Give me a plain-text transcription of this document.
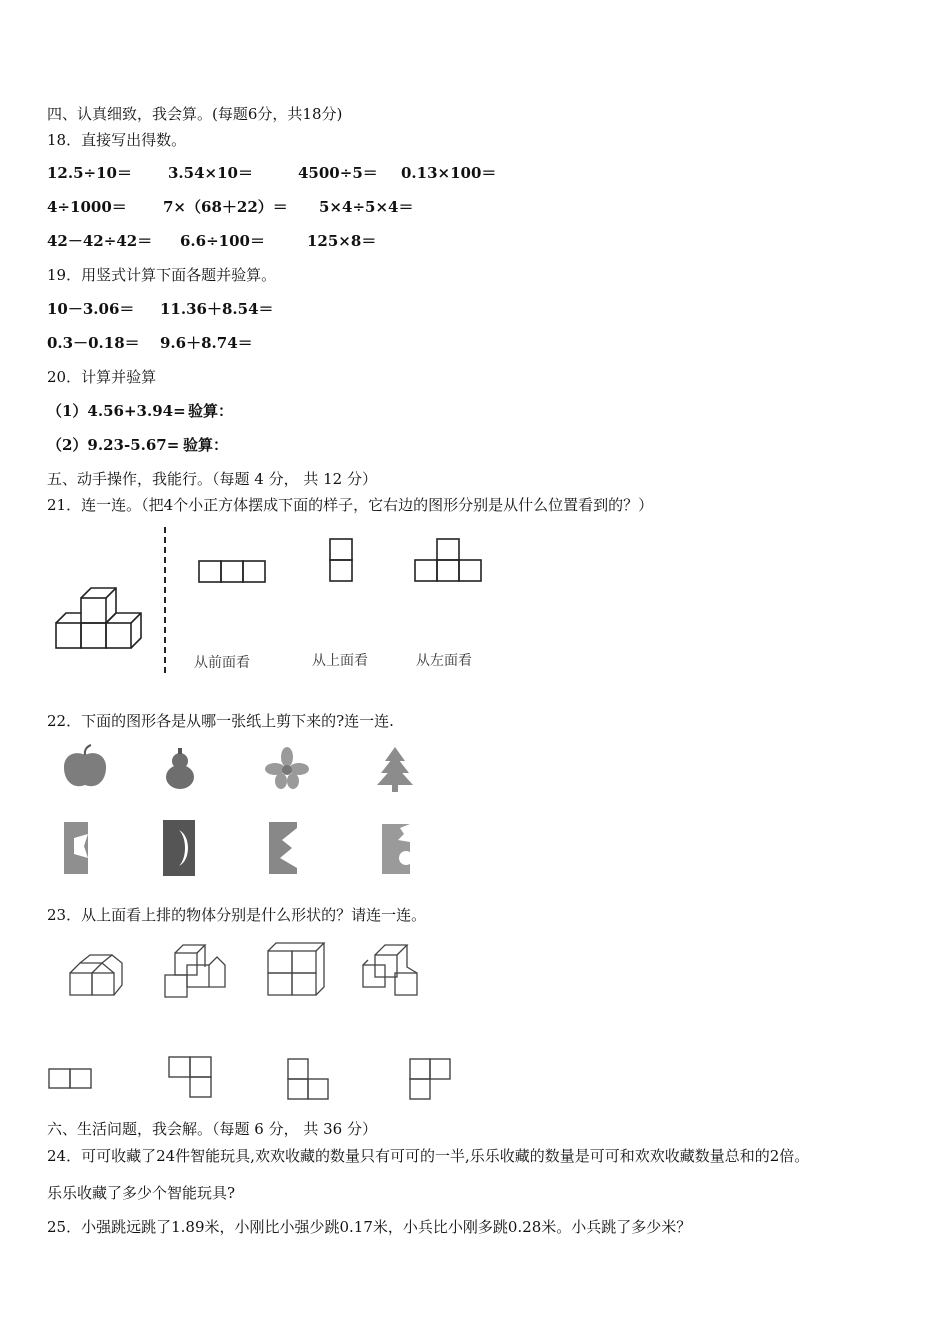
四、认真细致，我会算。(每题6分，共18分)
18．直接写出得数。
12.5÷10＝ 3.54×10＝	4500÷5＝ 0.13×100＝
4÷1000＝ 7×（68＋22）＝ 5×4÷5×4＝
42－42÷42＝ 6.6÷100＝	125×8＝
19．用竖式计算下面各题并验算。
10－3.06＝ 11.36＋8.54＝
0.3－0.18＝ 9.6＋8.74＝
20．计算并验算
（1）4.56+3.94= 验算：
（2）9.23-5.67= 验算：
五、动手操作，我能行。（每题 4 分， 共 12 分）
21．连一连。（把4个小正方体摆成下面的样子，它右边的图形分别是从什么位置看到的？）
从前面看	从上面看	从左面看
22．下面的图形各是从哪一张纸上剪下来的?连一连.
23．从上面看上排的物体分别是什么形状的？请连一连。
六、生活问题，我会解。（每题 6 分， 共 36 分）
24．可可收藏了24件智能玩具,欢欢收藏的数量只有可可的一半,乐乐收藏的数量是可可和欢欢收藏数量总和的2倍。
乐乐收藏了多少个智能玩具?
25．小强跳远跳了1.89米，小刚比小强少跳0.17米，小兵比小刚多跳0.28米。小兵跳了多少米？
